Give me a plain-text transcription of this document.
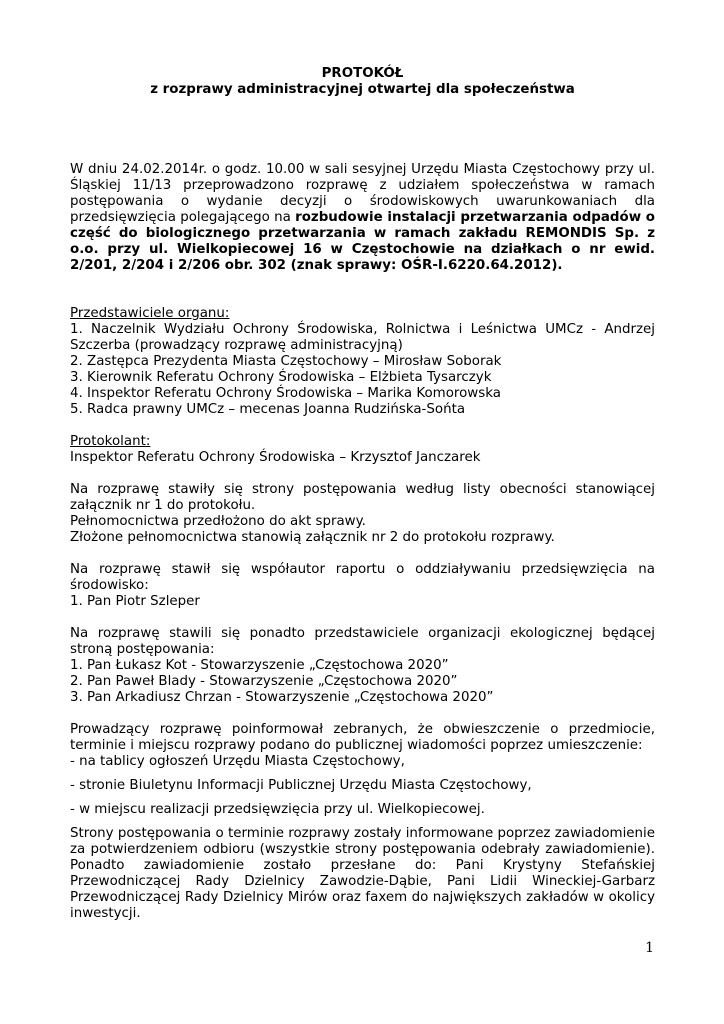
PROTOKÓŁ

z rozprawy administracyjnej otwartej dla społeczeństwa

W dniu 24.02.2014r. o godz. 10.00 w sali sesyjnej Urzędu Miasta Częstochowy przy ul. Śląskiej 11/13 przeprowadzono rozprawę z udziałem społeczeństwa w ramach postępowania o wydanie decyzji o środowiskowych uwarunkowaniach dla przedsięwzięcia polegającego na rozbudowie instalacji przetwarzania odpadów o część do biologicznego przetwarzania w ramach zakładu REMONDIS Sp. z o.o. przy ul. Wielkopiecowej 16 w Częstochowie na działkach o nr ewid. 2/201, 2/204 i 2/206 obr. 302 (znak sprawy: OŚR-I.6220.64.2012).

Przedstawiciele organu:

1. Naczelnik Wydziału Ochrony Środowiska, Rolnictwa i Leśnictwa UMCz - Andrzej Szczerba (prowadzący rozprawę administracyjną)

2. Zastępca Prezydenta Miasta Częstochowy – Mirosław Soborak

3. Kierownik Referatu Ochrony Środowiska – Elżbieta Tysarczyk

4. Inspektor Referatu Ochrony Środowiska – Marika Komorowska

5. Radca prawny UMCz – mecenas Joanna Rudzińska-Sońta

Protokolant:

Inspektor Referatu Ochrony Środowiska – Krzysztof Janczarek

Na rozprawę stawiły się strony postępowania według listy obecności stanowiącej załącznik nr 1 do protokołu.

Pełnomocnictwa przedłożono do akt sprawy.

Złożone pełnomocnictwa stanowią załącznik nr 2 do protokołu rozprawy.

Na rozprawę stawił się współautor raportu o oddziaływaniu przedsięwzięcia na środowisko:

1. Pan Piotr Szleper

Na rozprawę stawili się ponadto przedstawiciele organizacji ekologicznej będącej stroną postępowania:

1. Pan Łukasz Kot - Stowarzyszenie „Częstochowa 2020”

2. Pan Paweł Blady - Stowarzyszenie „Częstochowa 2020”

3. Pan Arkadiusz Chrzan - Stowarzyszenie „Częstochowa 2020”

Prowadzący rozprawę poinformował zebranych, że obwieszczenie o przedmiocie, terminie i miejscu rozprawy podano do publicznej wiadomości poprzez umieszczenie:

- na tablicy ogłoszeń Urzędu Miasta Częstochowy,

- stronie Biuletynu Informacji Publicznej Urzędu Miasta Częstochowy,

- w miejscu realizacji przedsięwzięcia przy ul. Wielkopiecowej.

Strony postępowania o terminie rozprawy zostały informowane poprzez zawiadomienie za potwierdzeniem odbioru (wszystkie strony postępowania odebrały zawiadomienie). Ponadto zawiadomienie zostało przesłane do: Pani Krystyny Stefańskiej Przewodniczącej Rady Dzielnicy Zawodzie-Dąbie, Pani Lidii Wineckiej-Garbarz Przewodniczącej Rady Dzielnicy Mirów oraz faxem do największych zakładów w okolicy inwestycji.

1
